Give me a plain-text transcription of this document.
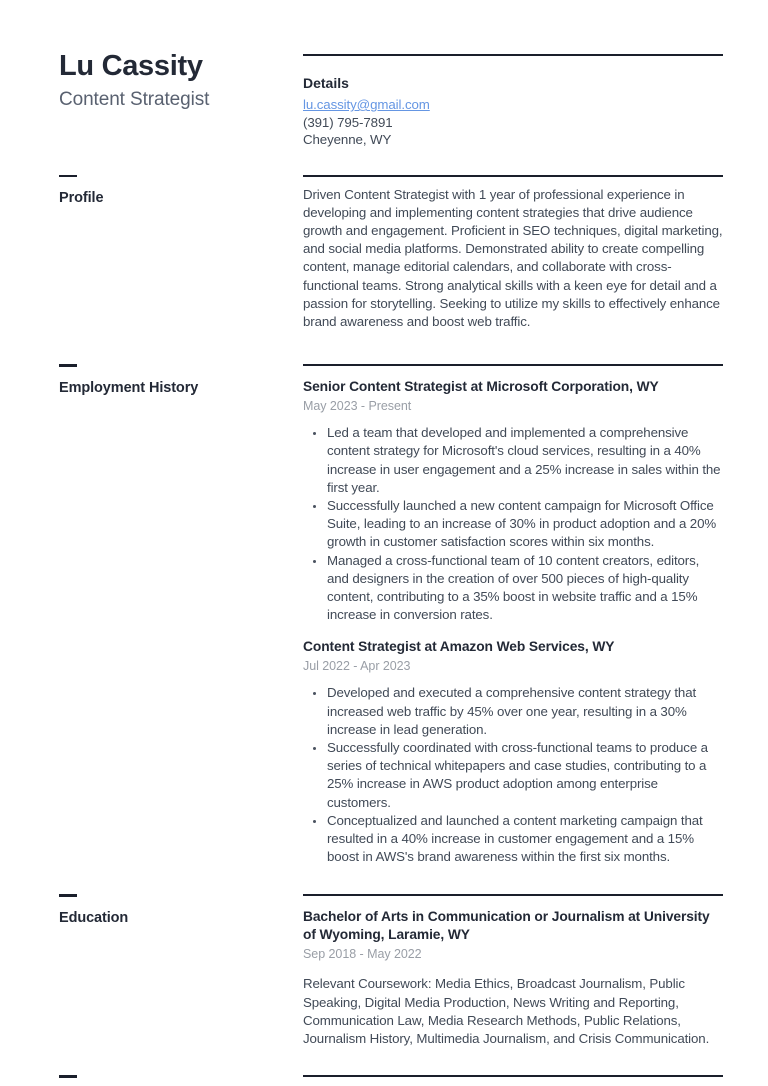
Lu Cassity
Content Strategist
Details
lu.cassity@gmail.com
(391) 795-7891
Cheyenne, WY
Profile	Driven Content Strategist with 1 year of professional experience in developing and implementing content strategies that drive audience growth and engagement. Proficient in SEO techniques, digital marketing, and social media platforms. Demonstrated ability to create compelling content, manage editorial calendars, and collaborate with cross-functional teams. Strong analytical skills with a keen eye for detail and a passion for storytelling. Seeking to utilize my skills to effectively enhance brand awareness and boost web traffic.

Employment History	Senior Content Strategist at Microsoft Corporation, WY
May 2023 - Present
• Led a team that developed and implemented a comprehensive content strategy for Microsoft's cloud services, resulting in a 40% increase in user engagement and a 25% increase in sales within the first year.
• Successfully launched a new content campaign for Microsoft Office Suite, leading to an increase of 30% in product adoption and a 20% growth in customer satisfaction scores within six months.
• Managed a cross-functional team of 10 content creators, editors, and designers in the creation of over 500 pieces of high-quality content, contributing to a 35% boost in website traffic and a 15% increase in conversion rates.
Content Strategist at Amazon Web Services, WY
Jul 2022 - Apr 2023
• Developed and executed a comprehensive content strategy that increased web traffic by 45% over one year, resulting in a 30% increase in lead generation.
• Successfully coordinated with cross-functional teams to produce a series of technical whitepapers and case studies, contributing to a 25% increase in AWS product adoption among enterprise customers.
• Conceptualized and launched a content marketing campaign that resulted in a 40% increase in customer engagement and a 15% boost in AWS's brand awareness within the first six months.
Education	Bachelor of Arts in Communication or Journalism at University of Wyoming, Laramie, WY
Sep 2018 - May 2022

Relevant Coursework: Media Ethics, Broadcast Journalism, Public Speaking, Digital Media Production, News Writing and Reporting, Communication Law, Media Research Methods, Public Relations, Journalism History, Multimedia Journalism, and Crisis Communication.
